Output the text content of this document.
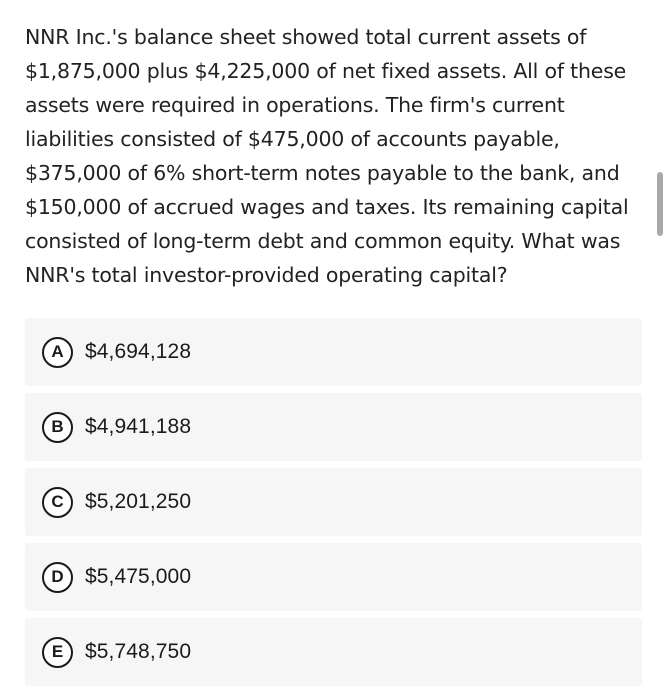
NNR Inc.'s balance sheet showed total current assets of $1,875,000 plus $4,225,000 of net fixed assets. All of these assets were required in operations. The firm's current liabilities consisted of $475,000 of accounts payable, $375,000 of 6% short-term notes payable to the bank, and $150,000 of accrued wages and taxes. Its remaining capital consisted of long-term debt and common equity. What was NNR's total investor-provided operating capital?

A	$4,694,128
B	$4,941,188
C	$5,201,250
D	$5,475,000
E	$5,748,750
